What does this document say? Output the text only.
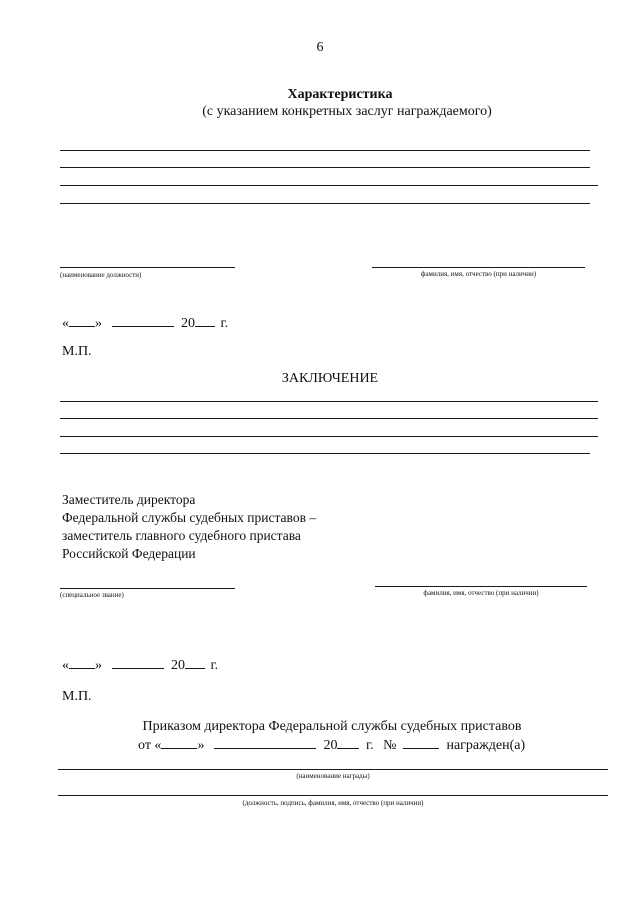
6
Характеристика
(с указанием конкретных заслуг награждаемого)
(наименование должности)	фамилия, имя, отчество (при наличии)
« »	20 г.
М.П.
ЗАКЛЮЧЕНИЕ
Заместитель директора
Федеральной службы судебных приставов –
заместитель главного судебного пристава
Российской Федерации
(специальное звание)	фамилия, имя, отчество (при наличии)
« »	20 г.
М.П.
Приказом директора Федеральной службы судебных приставов
от «	»	20 г. №	награжден(а)
(наименование награды)
(должность, подпись, фамилия, имя, отчество (при наличии)
